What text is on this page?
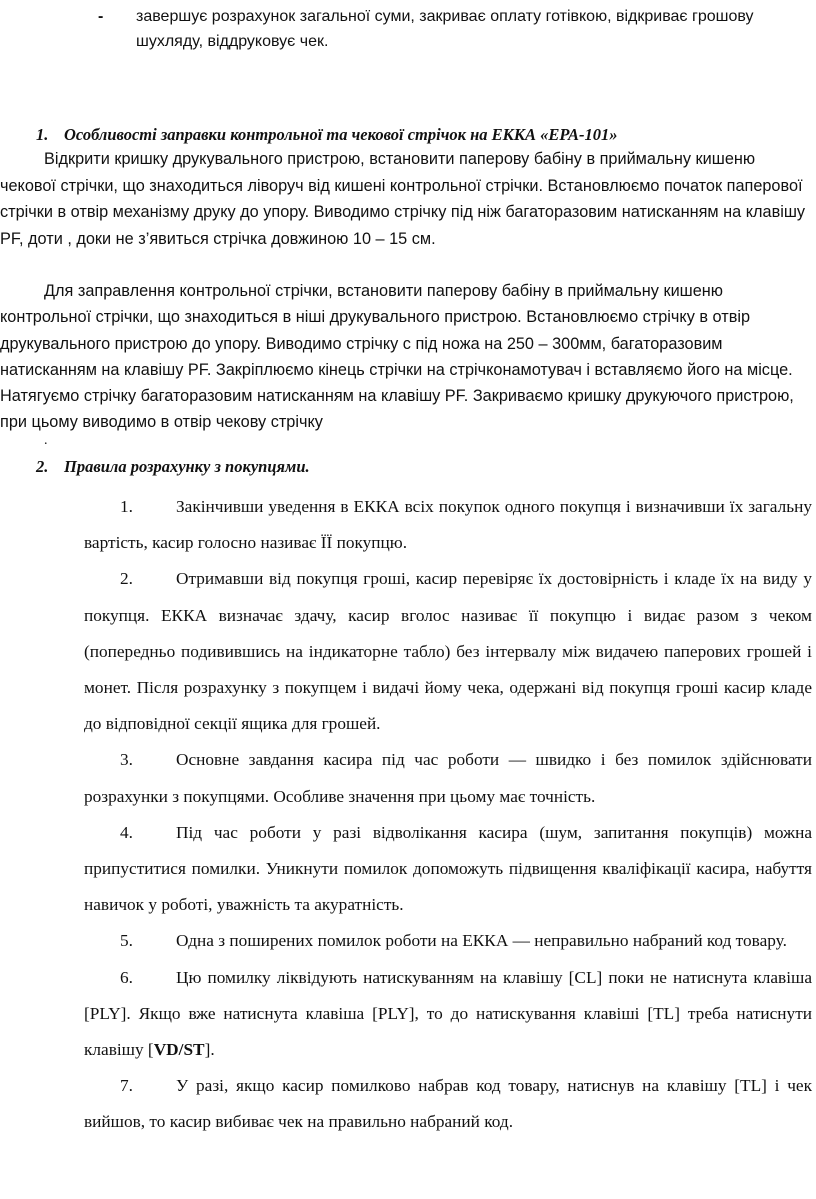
- завершує розрахунок загальної суми, закриває оплату готівкою, відкриває грошову шухляду, віддруковує чек.
1. Особливості заправки контрольної та чекової стрічок на ЕККА «ЕРА-101»
Відкрити кришку друкувального пристрою, встановити паперову бабіну в приймальну кишеню чекової стрічки, що знаходиться ліворуч від кишені контрольної стрічки. Встановлюємо початок паперової стрічки в отвір механізму друку до упору. Виводимо стрічку під ніж багаторазовим натисканням на клавішу PF, доти , доки не з’явиться стрічка довжиною 10 – 15 см.
Для заправлення контрольної стрічки, встановити паперову бабіну в приймальну кишеню контрольної стрічки, що знаходиться в ніші друкувального пристрою. Встановлюємо стрічку в отвір друкувального пристрою до упору. Виводимо стрічку с під ножа на 250 – 300мм, багаторазовим натисканням на клавішу PF. Закріплюємо кінець стрічки на стрічконамотувач і вставляємо його на місце. Натягуємо стрічку багаторазовим натисканням на клавішу PF. Закриваємо кришку друкуючого пристрою, при цьому виводимо в отвір чекову стрічку
.
2. Правила розрахунку з покупцями.

1. Закінчивши уведення в ЕККА всіх покупок одного покупця і визначивши їх загальну вартість, касир голосно називає ЇЇ покупцю.

2. Отримавши від покупця гроші, касир перевіряє їх достовірність і кладе їх на виду у покупця. ЕККА визначає здачу, касир вголос називає її покупцю і видає разом з чеком (попередньо подивившись на індикаторне табло) без інтервалу між видачею паперових грошей і монет. Після розрахунку з покупцем і видачі йому чека, одержані від покупця гроші касир кладе до відповідної секції ящика для грошей.

3. Основне завдання касира під час роботи — швидко і без помилок здійснювати розрахунки з покупцями. Особливе значення при цьому має точність.

4. Під час роботи у разі відволікання касира (шум, запитання покупців) можна припуститися помилки. Уникнути помилок допоможуть підвищення кваліфікації касира, набуття навичок у роботі, уважність та акуратність.

5. Одна з поширених помилок роботи на ЕККА — неправильно набраний код товару.

6. Цю помилку ліквідують натискуванням на клавішу [CL] поки не натиснута клавіша [PLY]. Якщо вже натиснута клавіша [PLY], то до натискування клавіші [TL] треба натиснути клавішу [VD/ST].

7. У разі, якщо касир помилково набрав код товару, натиснув на клавішу [TL] і чек вийшов, то касир вибиває чек на правильно набраний код.
